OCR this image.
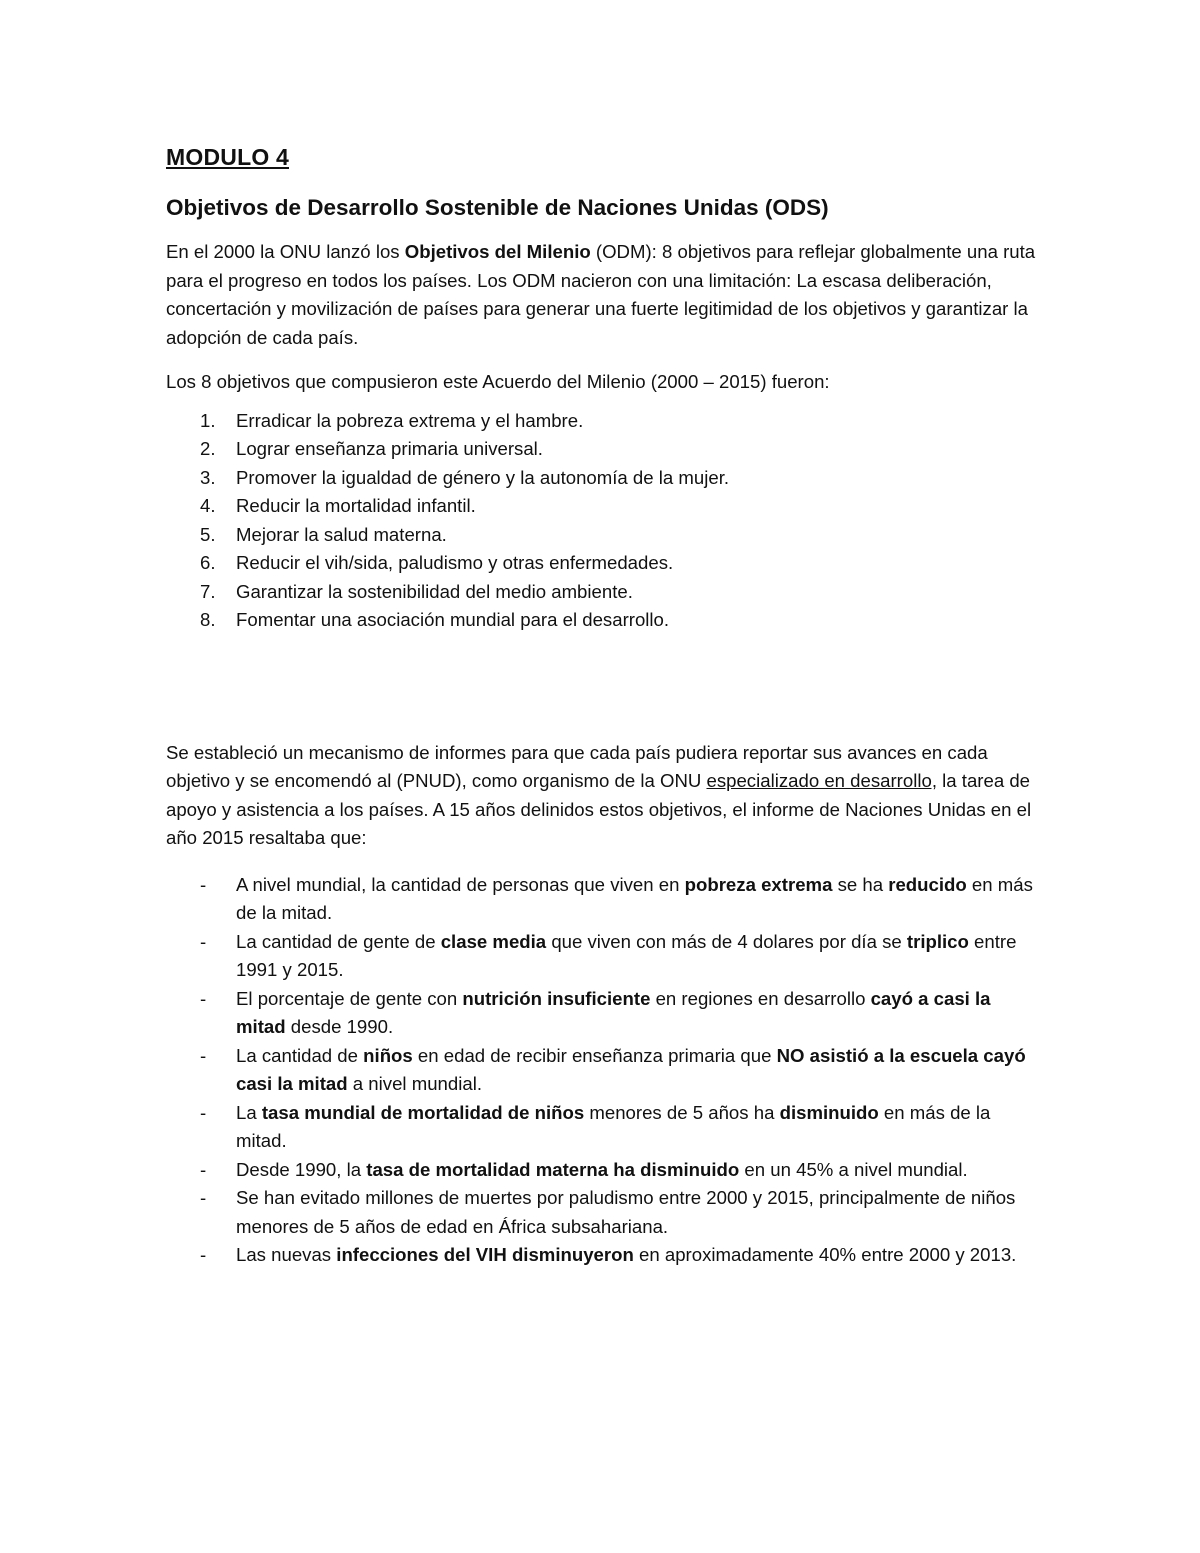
MODULO 4
Objetivos de Desarrollo Sostenible de Naciones Unidas (ODS)

En el 2000 la ONU lanzó los Objetivos del Milenio (ODM): 8 objetivos para reflejar globalmente una ruta para el progreso en todos los países. Los ODM nacieron con una limitación: La escasa deliberación, concertación y movilización de países para generar una fuerte legitimidad de los objetivos y garantizar la adopción de cada país.

Los 8 objetivos que compusieron este Acuerdo del Milenio (2000 – 2015) fueron:

1. Erradicar la pobreza extrema y el hambre.
2. Lograr enseñanza primaria universal.
3. Promover la igualdad de género y la autonomía de la mujer.
4. Reducir la mortalidad infantil.
5. Mejorar la salud materna.
6. Reducir el vih/sida, paludismo y otras enfermedades.
7. Garantizar la sostenibilidad del medio ambiente.
8. Fomentar una asociación mundial para el desarrollo.

Se estableció un mecanismo de informes para que cada país pudiera reportar sus avances en cada objetivo y se encomendó al (PNUD), como organismo de la ONU especializado en desarrollo, la tarea de apoyo y asistencia a los países. A 15 años delinidos estos objetivos, el informe de Naciones Unidas en el año 2015 resaltaba que:

- A nivel mundial, la cantidad de personas que viven en pobreza extrema se ha reducido en más de la mitad.
- La cantidad de gente de clase media que viven con más de 4 dolares por día se triplico entre 1991 y 2015.
- El porcentaje de gente con nutrición insuficiente en regiones en desarrollo cayó a casi la mitad desde 1990.
- La cantidad de niños en edad de recibir enseñanza primaria que NO asistió a la escuela cayó casi la mitad a nivel mundial.
- La tasa mundial de mortalidad de niños menores de 5 años ha disminuido en más de la mitad.
- Desde 1990, la tasa de mortalidad materna ha disminuido en un 45% a nivel mundial.
- Se han evitado millones de muertes por paludismo entre 2000 y 2015, principalmente de niños menores de 5 años de edad en África subsahariana.
- Las nuevas infecciones del VIH disminuyeron en aproximadamente 40% entre 2000 y 2013.
